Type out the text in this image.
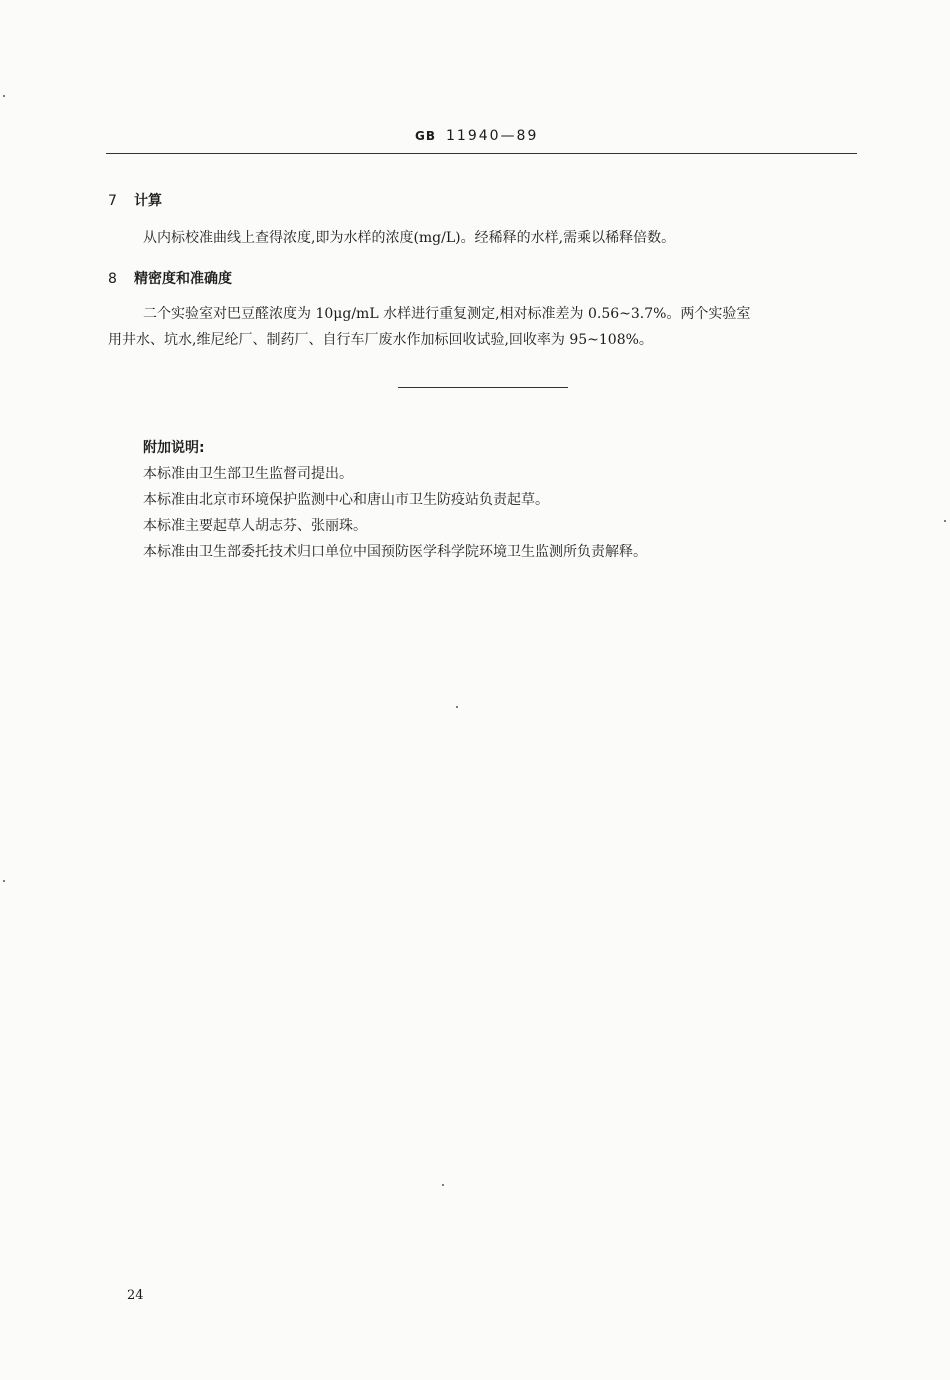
GB 11940—89
7 计算
从内标校准曲线上查得浓度,即为水样的浓度(mg/L)。经稀释的水样,需乘以稀释倍数。
8 精密度和准确度
二个实验室对巴豆醛浓度为 10μg/mL 水样进行重复测定,相对标准差为 0.56~3.7%。两个实验室
用井水、坑水,维尼纶厂、制药厂、自行车厂废水作加标回收试验,回收率为 95~108%。
附加说明:
本标准由卫生部卫生监督司提出。
本标准由北京市环境保护监测中心和唐山市卫生防疫站负责起草。
本标准主要起草人胡志芬、张丽珠。
本标准由卫生部委托技术归口单位中国预防医学科学院环境卫生监测所负责解释。
24
